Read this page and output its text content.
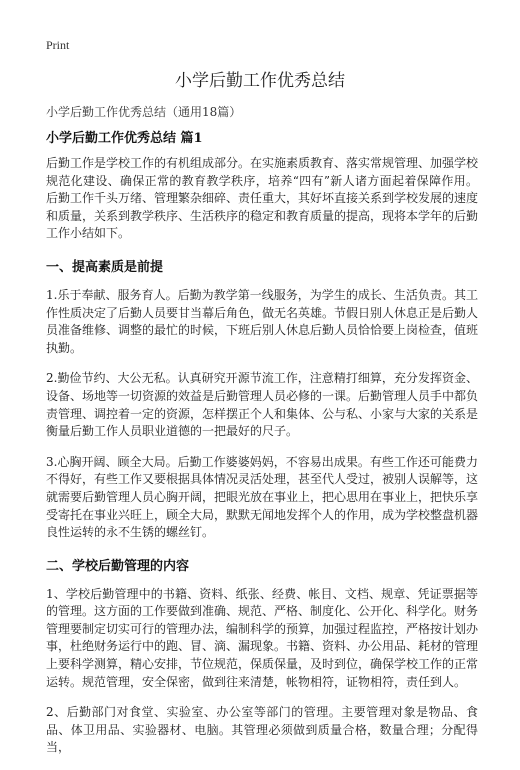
Print
小学后勤工作优秀总结

小学后勤工作优秀总结（通用18篇）

小学后勤工作优秀总结 篇1

后勤工作是学校工作的有机组成部分。在实施素质教育、落实常规管理、加强学校规范化建设、确保正常的教育教学秩序，培养“四有”新人诸方面起着保障作用。后勤工作千头万绪、管理繁杂细碎、责任重大，其好坏直接关系到学校发展的速度和质量，关系到教学秩序、生活秩序的稳定和教育质量的提高，现将本学年的后勤工作小结如下。

一、提高素质是前提

1.乐于奉献、服务育人。后勤为教学第一线服务，为学生的成长、生活负责。其工作性质决定了后勤人员要甘当幕后角色，做无名英雄。节假日别人休息正是后勤人员准备维修、调整的最忙的时候，下班后别人休息后勤人员恰恰要上岗检查，值班执勤。

2.勤俭节约、大公无私。认真研究开源节流工作，注意精打细算，充分发挥资金、设备、场地等一切资源的效益是后勤管理人员必修的一课。后勤管理人员手中都负责管理、调控着一定的资源，怎样摆正个人和集体、公与私、小家与大家的关系是衡量后勤工作人员职业道德的一把最好的尺子。

3.心胸开阔、顾全大局。后勤工作婆婆妈妈，不容易出成果。有些工作还可能费力不得好，有些工作又要根据具体情况灵活处理，甚至代人受过，被别人误解等，这就需要后勤管理人员心胸开阔，把眼光放在事业上，把心思用在事业上，把快乐享受寄托在事业兴旺上，顾全大局，默默无闻地发挥个人的作用，成为学校整盘机器良性运转的永不生锈的螺丝钉。

二、学校后勤管理的内容

1、学校后勤管理中的书籍、资料、纸张、经费、帐目、文档、规章、凭证票据等的管理。这方面的工作要做到准确、规范、严格、制度化、公开化、科学化。财务管理要制定切实可行的管理办法，编制科学的预算，加强过程监控，严格按计划办事，杜绝财务运行中的跑、冒、滴、漏现象。书籍、资料、办公用品、耗材的管理上要科学测算，精心安排，节位规范，保质保量，及时到位，确保学校工作的正常运转。规范管理，安全保密，做到往来清楚，帐物相符，证物相符，责任到人。

2、后勤部门对食堂、实验室、办公室等部门的管理。主要管理对象是物品、食品、体卫用品、实验器材、电脑。其管理必须做到质量合格，数量合理；分配得当，
